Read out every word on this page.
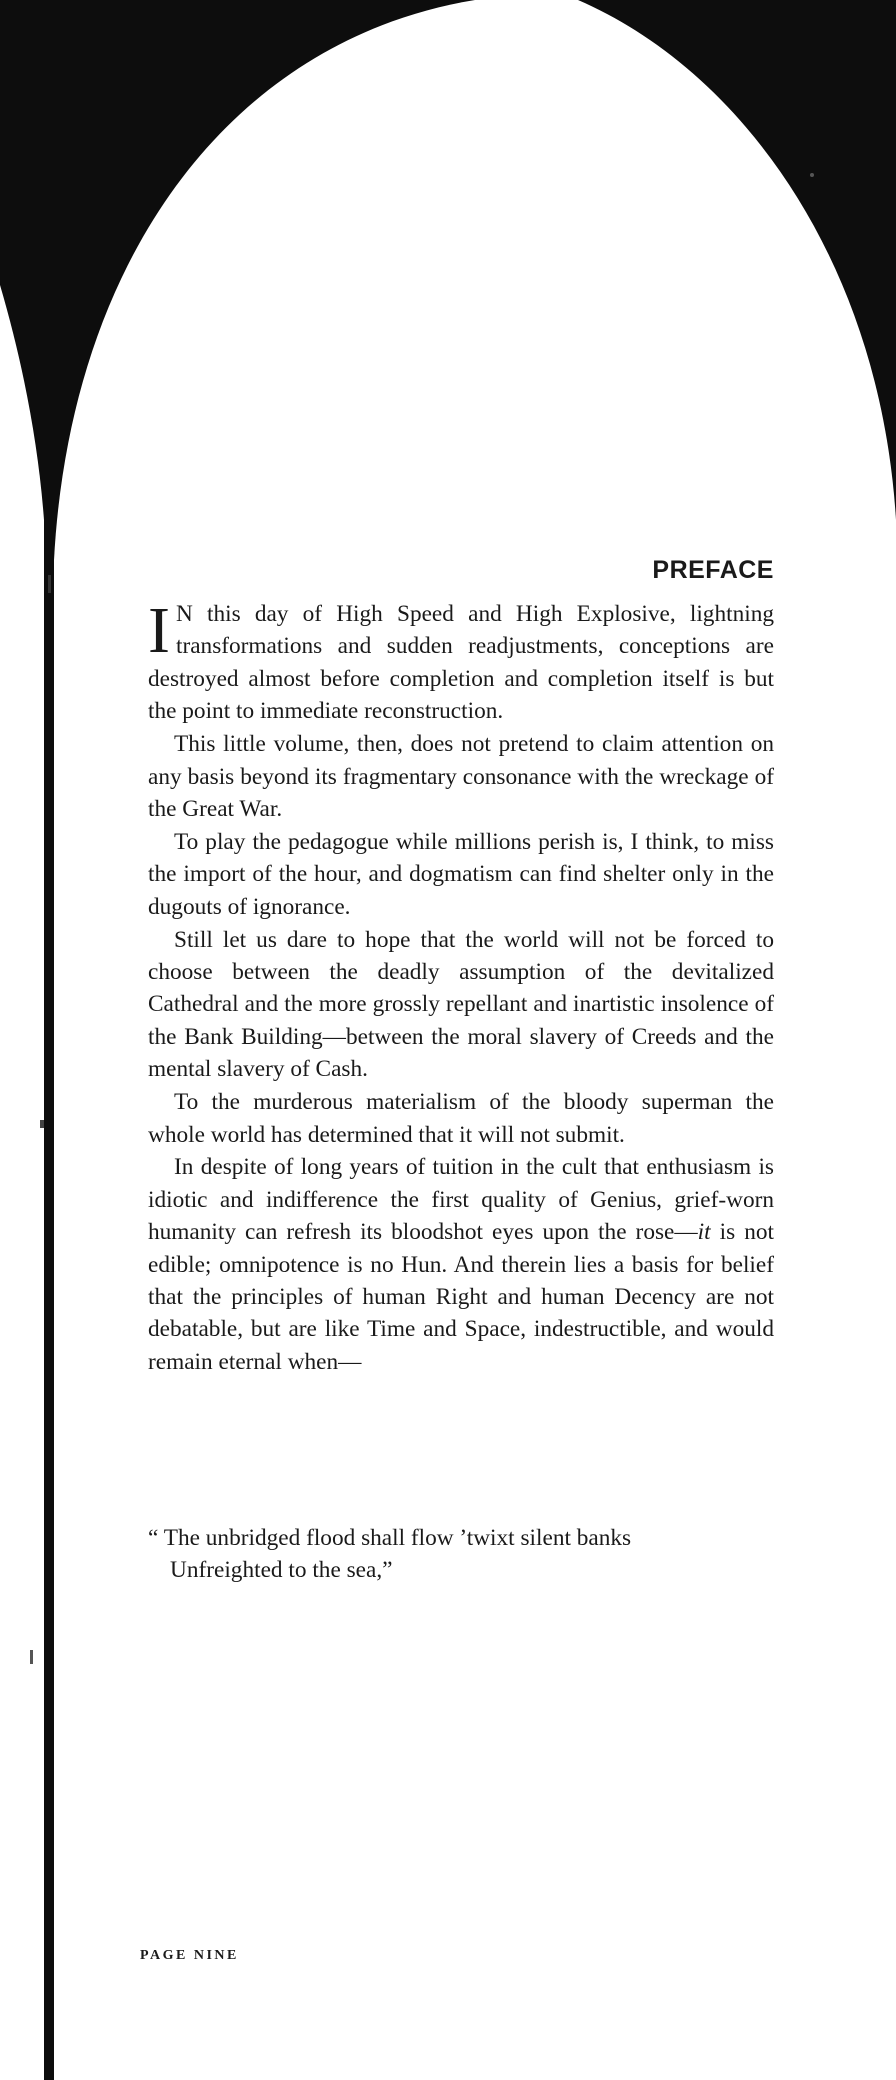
PREFACE

I N this day of High Speed and High Explosive, lightning transformations and sudden readjustments, conceptions are destroyed almost before completion and completion itself is but the point to immediate reconstruction.

This little volume, then, does not pretend to claim attention on any basis beyond its fragmentary consonance with the wreckage of the Great War.

To play the pedagogue while millions perish is, I think, to miss the import of the hour, and dogmatism can find shelter only in the dugouts of ignorance.

Still let us dare to hope that the world will not be forced to choose between the deadly assumption of the devitalized Cathedral and the more grossly repellant and inartistic insolence of the Bank Building—between the moral slavery of Creeds and the mental slavery of Cash.

To the murderous materialism of the bloody superman the whole world has determined that it will not submit.

In despite of long years of tuition in the cult that enthusiasm is idiotic and indifference the first quality of Genius, grief-worn humanity can refresh its bloodshot eyes upon the rose—it is not edible; omnipotence is no Hun. And therein lies a basis for belief that the principles of human Right and human Decency are not debatable, but are like Time and Space, indestructible, and would remain eternal when—

“ The unbridged flood shall flow ’twixt silent banks
Unfreighted to the sea,”
PAGE NINE
